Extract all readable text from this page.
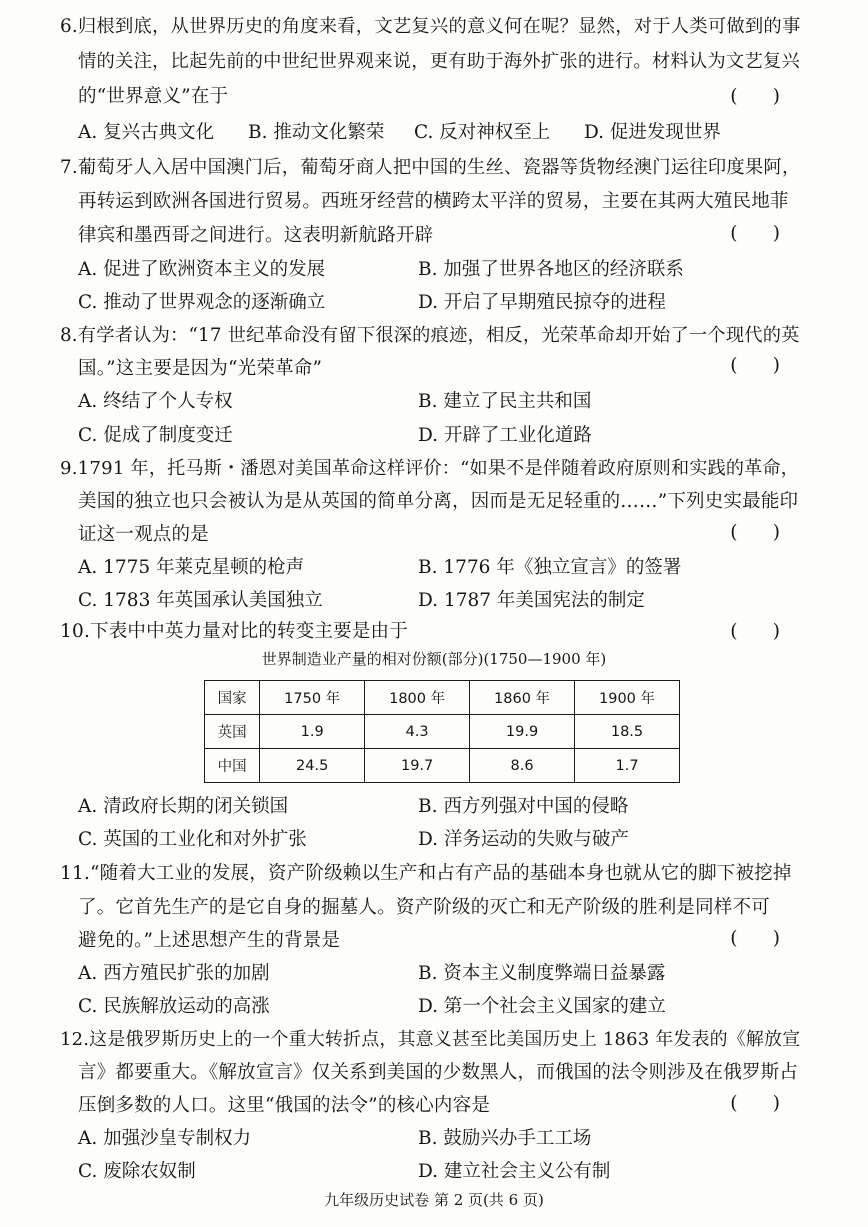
6.归根到底，从世界历史的角度来看，文艺复兴的意义何在呢？显然，对于人类可做到的事
情的关注，比起先前的中世纪世界观来说，更有助于海外扩张的进行。材料认为文艺复兴
的“世界意义”在于	(      )
A. 复兴古典文化 B. 推动文化繁荣 C. 反对神权至上 D. 促进发现世界
7.葡萄牙人入居中国澳门后，葡萄牙商人把中国的生丝、瓷器等货物经澳门运往印度果阿，
再转运到欧洲各国进行贸易。西班牙经营的横跨太平洋的贸易，主要在其两大殖民地菲
律宾和墨西哥之间进行。这表明新航路开辟	(      )
A. 促进了欧洲资本主义的发展	B. 加强了世界各地区的经济联系
C. 推动了世界观念的逐渐确立	D. 开启了早期殖民掠夺的进程
8.有学者认为：“17 世纪革命没有留下很深的痕迹，相反，光荣革命却开始了一个现代的英
国。”这主要是因为“光荣革命”	(      )
A. 终结了个人专权	B. 建立了民主共和国
C. 促成了制度变迁	D. 开辟了工业化道路
9.1791 年，托马斯・潘恩对美国革命这样评价：“如果不是伴随着政府原则和实践的革命，
美国的独立也只会被认为是从英国的简单分离，因而是无足轻重的……”下列史实最能印
证这一观点的是	(      )
A. 1775 年莱克星顿的枪声	B. 1776 年《独立宣言》的签署
C. 1783 年英国承认美国独立	D. 1787 年美国宪法的制定
10.下表中中英力量对比的转变主要是由于	(      )
世界制造业产量的相对份额(部分)(1750—1900 年)
国家	1750 年	1800 年	1860 年	1900 年
英国	1.9	4.3	19.9	18.5
中国	24.5	19.7	8.6	1.7
A. 清政府长期的闭关锁国	B. 西方列强对中国的侵略
C. 英国的工业化和对外扩张	D. 洋务运动的失败与破产
11.“随着大工业的发展，资产阶级赖以生产和占有产品的基础本身也就从它的脚下被挖掉
了。它首先生产的是它自身的掘墓人。资产阶级的灭亡和无产阶级的胜利是同样不可
避免的。”上述思想产生的背景是	(      )
A. 西方殖民扩张的加剧	B. 资本主义制度弊端日益暴露
C. 民族解放运动的高涨	D. 第一个社会主义国家的建立
12.这是俄罗斯历史上的一个重大转折点，其意义甚至比美国历史上 1863 年发表的《解放宣
言》都要重大。《解放宣言》仅关系到美国的少数黑人，而俄国的法令则涉及在俄罗斯占
压倒多数的人口。这里“俄国的法令”的核心内容是	(      )
A. 加强沙皇专制权力	B. 鼓励兴办手工工场
C. 废除农奴制	D. 建立社会主义公有制
九年级历史试卷 第 2 页(共 6 页)
